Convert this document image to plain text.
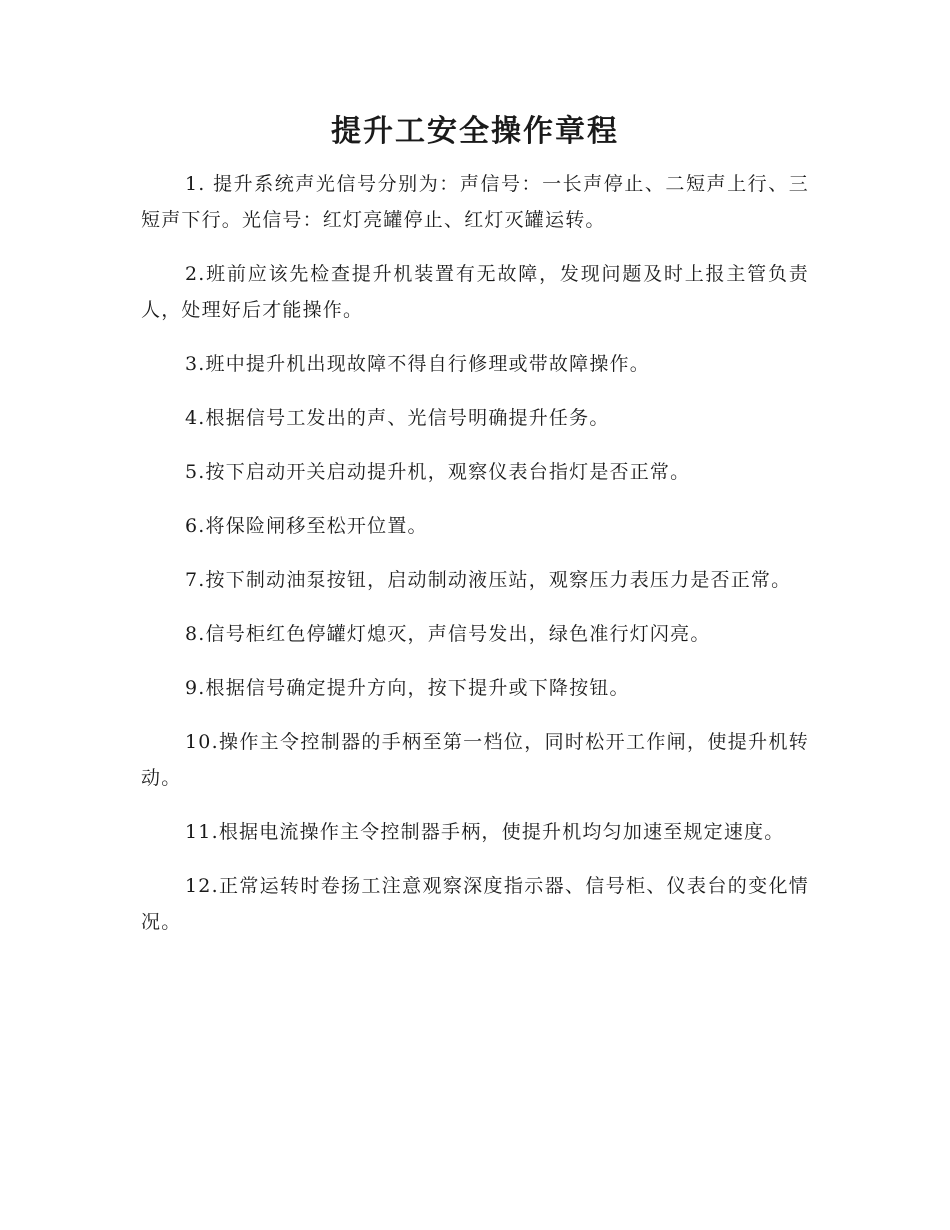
提升工安全操作章程

1. 提升系统声光信号分别为：声信号：一长声停止、二短声上行、三短声下行。光信号：红灯亮罐停止、红灯灭罐运转。

2.班前应该先检查提升机装置有无故障，发现问题及时上报主管负责人，处理好后才能操作。

3.班中提升机出现故障不得自行修理或带故障操作。

4.根据信号工发出的声、光信号明确提升任务。

5.按下启动开关启动提升机，观察仪表台指灯是否正常。

6.将保险闸移至松开位置。

7.按下制动油泵按钮，启动制动液压站，观察压力表压力是否正常。

8.信号柜红色停罐灯熄灭，声信号发出，绿色准行灯闪亮。

9.根据信号确定提升方向，按下提升或下降按钮。

10.操作主令控制器的手柄至第一档位，同时松开工作闸，使提升机转动。

11.根据电流操作主令控制器手柄，使提升机均匀加速至规定速度。

12.正常运转时卷扬工注意观察深度指示器、信号柜、仪表台的变化情况。
